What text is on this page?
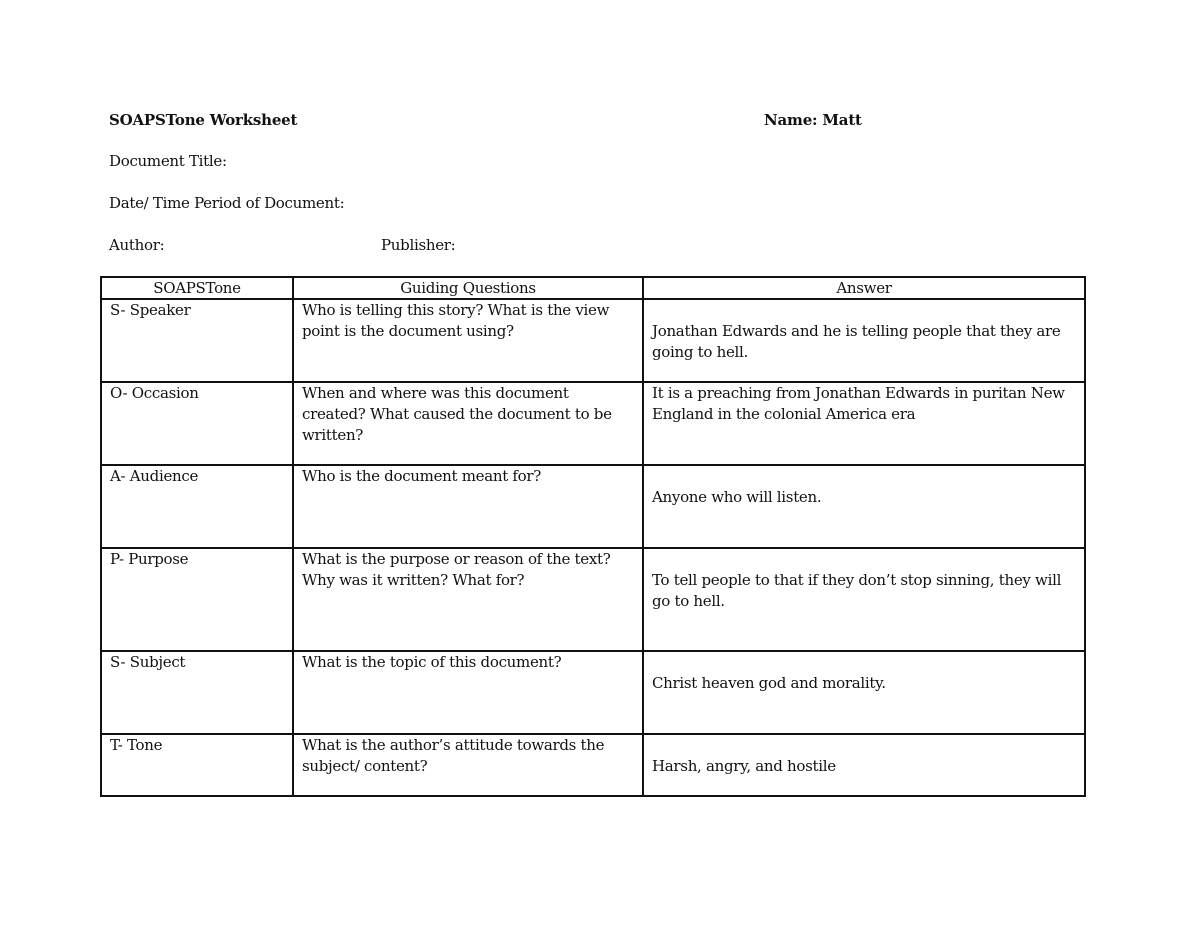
SOAPSTone Worksheet	Name: Matt
Document Title:
Date/ Time Period of Document:
Author:	Publisher:
SOAPSTone	Guiding Questions	Answer
S- Speaker	Who is telling this story? What is the view point is the document using?	Jonathan Edwards and he is telling people that they are going to hell.
O- Occasion	When and where was this document created? What caused the document to be written?	It is a preaching from Jonathan Edwards in puritan New England in the colonial America era
A- Audience	Who is the document meant for?	Anyone who will listen.
P- Purpose	What is the purpose or reason of the text? Why was it written? What for?	To tell people to that if they don’t stop sinning, they will go to hell.
S- Subject	What is the topic of this document?	Christ heaven god and morality.
T- Tone	What is the author’s attitude towards the subject/ content?	Harsh, angry, and hostile
